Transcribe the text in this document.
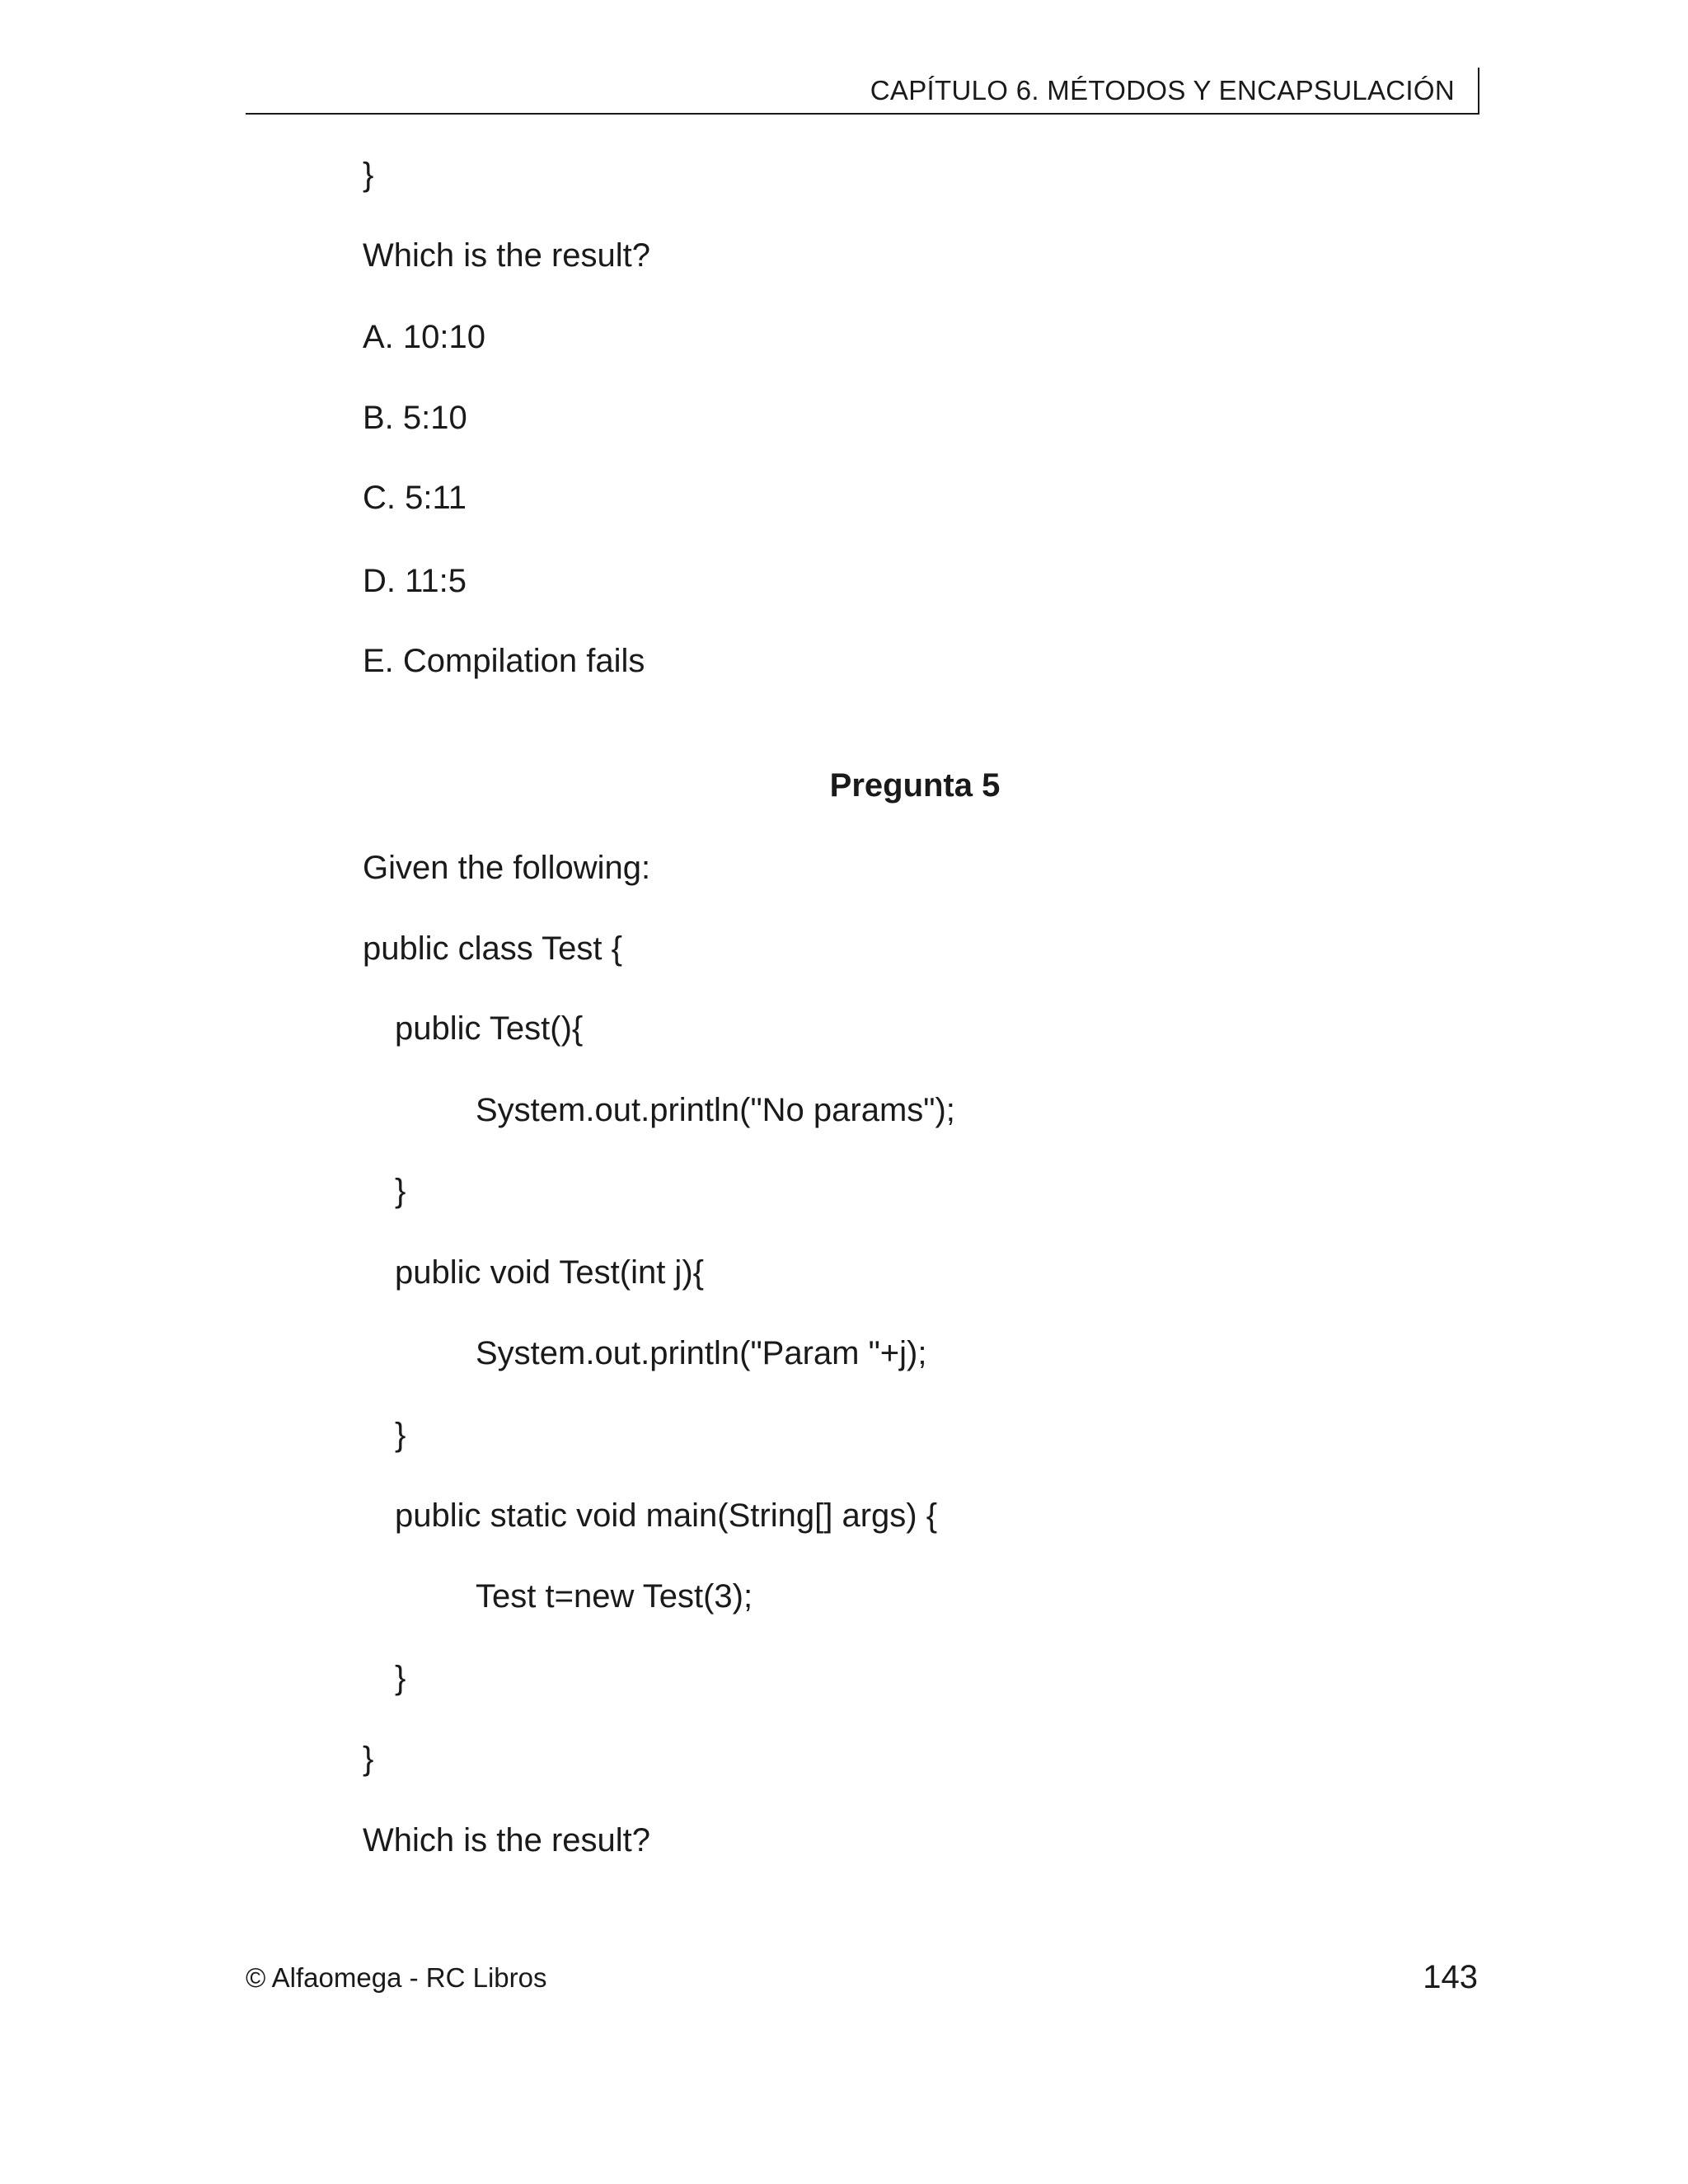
CAPÍTULO 6. MÉTODOS Y ENCAPSULACIÓN
}
Which is the result?
A. 10:10
B. 5:10
C. 5:11
D. 11:5
E. Compilation fails
Pregunta 5
Given the following:
public class Test {
public Test(){
System.out.println("No params");
}
public void Test(int j){
System.out.println("Param "+j);
}
public static void main(String[] args) {
Test t=new Test(3);
}
}
Which is the result?
© Alfaomega - RC Libros	143
